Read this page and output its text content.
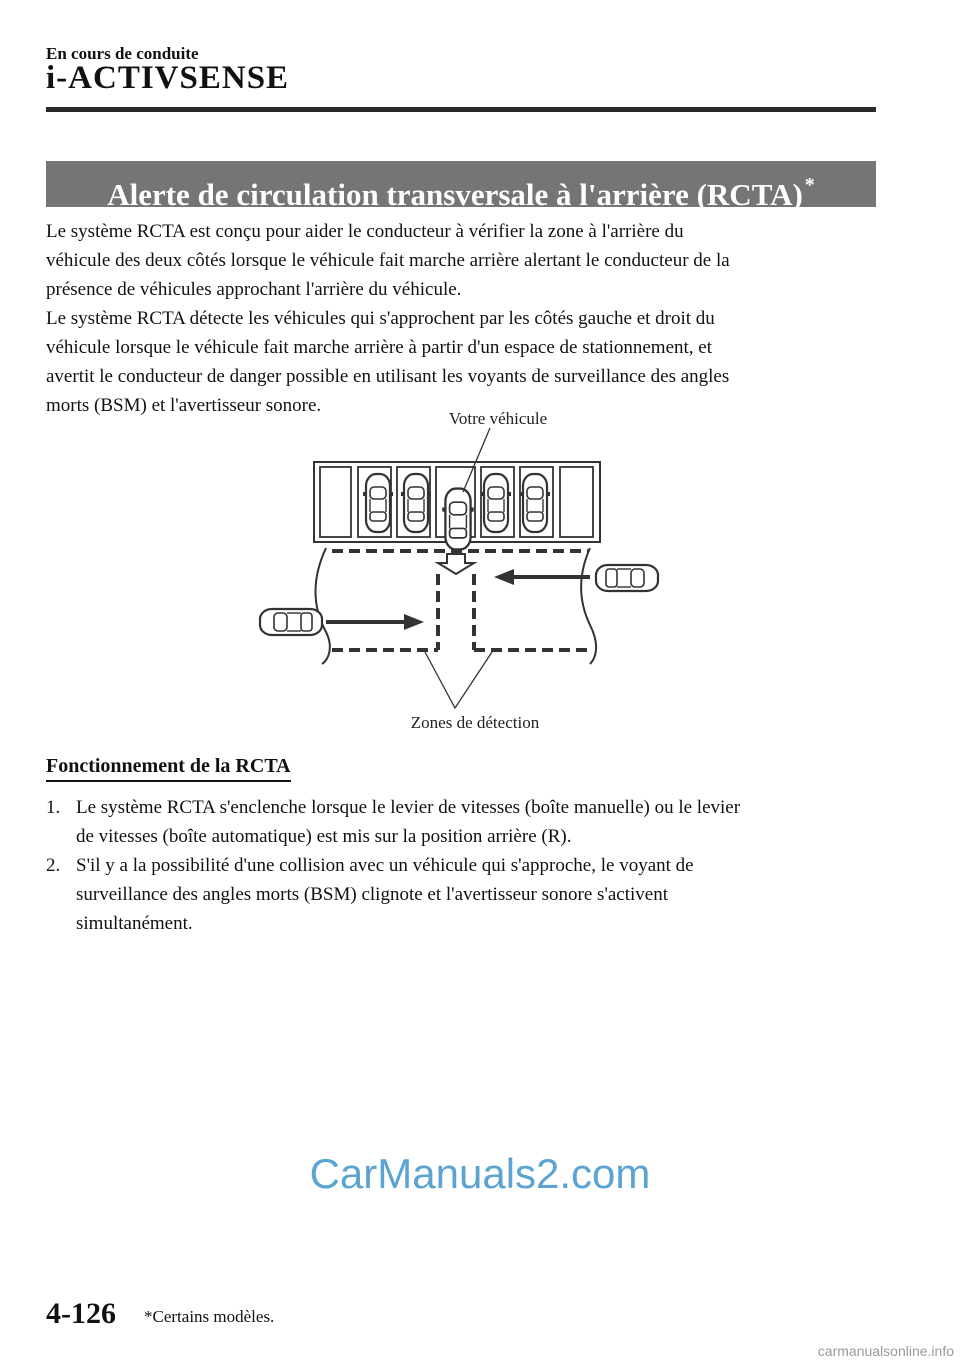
En cours de conduite
i-ACTIVSENSE
Alerte de circulation transversale à l'arrière (RCTA) *

Le système RCTA est conçu pour aider le conducteur à vérifier la zone à l'arrière du

véhicule des deux côtés lorsque le véhicule fait marche arrière alertant le conducteur de la

présence de véhicules approchant l'arrière du véhicule.

Le système RCTA détecte les véhicules qui s'approchent par les côtés gauche et droit du

véhicule lorsque le véhicule fait marche arrière à partir d'un espace de stationnement, et

avertit le conducteur de danger possible en utilisant les voyants de surveillance des angles

morts (BSM) et l'avertisseur sonore.

Votre véhicule
Zones de détection
Fonctionnement de la RCTA
1. Le système RCTA s'enclenche lorsque le levier de vitesses (boîte manuelle) ou le levier
de vitesses (boîte automatique) est mis sur la position arrière (R).
2. S'il y a la possibilité d'une collision avec un véhicule qui s'approche, le voyant de
surveillance des angles morts (BSM) clignote et l'avertisseur sonore s'activent
simultanément.
CarManuals2.com
4-126 *Certains modèles.
carmanualsonline.info
